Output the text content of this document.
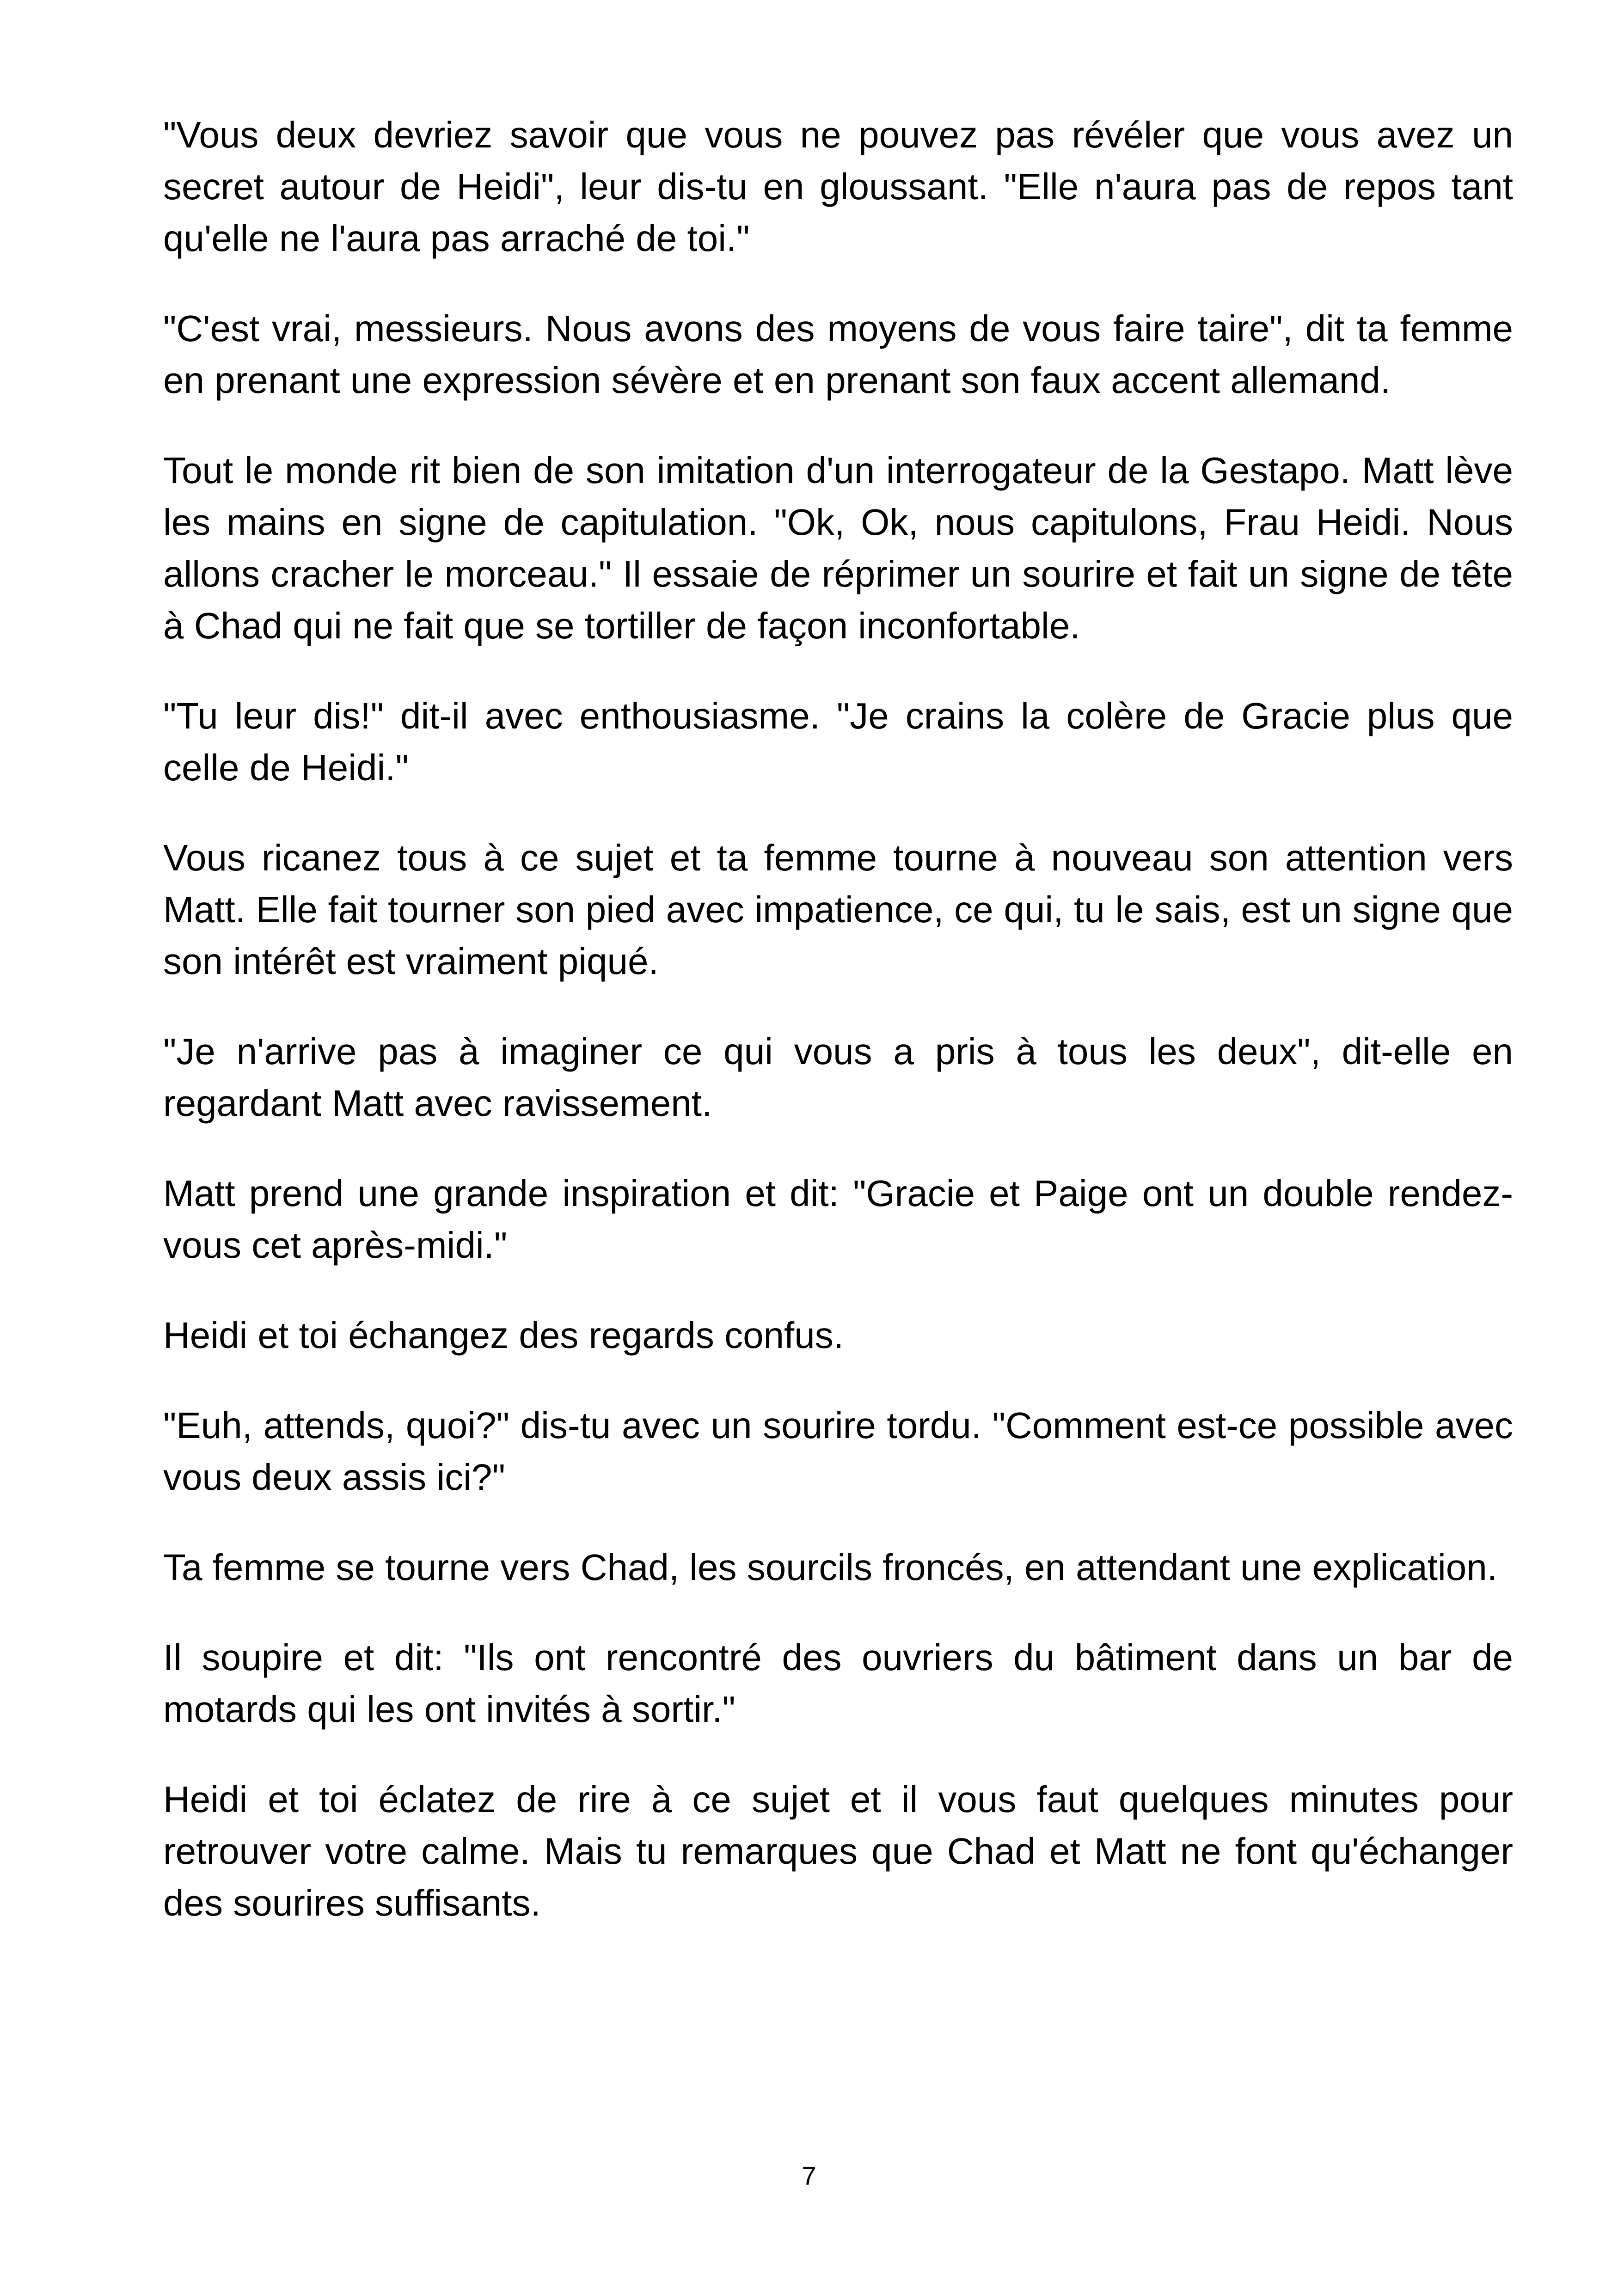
"Vous deux devriez savoir que vous ne pouvez pas révéler que vous avez un secret autour de Heidi", leur dis-tu en gloussant. "Elle n'aura pas de repos tant qu'elle ne l'aura pas arraché de toi."

"C'est vrai, messieurs. Nous avons des moyens de vous faire taire", dit ta femme en prenant une expression sévère et en prenant son faux accent allemand.

Tout le monde rit bien de son imitation d'un interrogateur de la Gestapo. Matt lève les mains en signe de capitulation. "Ok, Ok, nous capitulons, Frau Heidi. Nous allons cracher le morceau." Il essaie de réprimer un sourire et fait un signe de tête à Chad qui ne fait que se tortiller de façon inconfortable.

"Tu leur dis!" dit-il avec enthousiasme. "Je crains la colère de Gracie plus que celle de Heidi."

Vous ricanez tous à ce sujet et ta femme tourne à nouveau son attention vers Matt. Elle fait tourner son pied avec impatience, ce qui, tu le sais, est un signe que son intérêt est vraiment piqué.

"Je n'arrive pas à imaginer ce qui vous a pris à tous les deux", dit-elle en regardant Matt avec ravissement.

Matt prend une grande inspiration et dit: "Gracie et Paige ont un double rendez-vous cet après-midi."

Heidi et toi échangez des regards confus.

"Euh, attends, quoi?" dis-tu avec un sourire tordu. "Comment est-ce possible avec vous deux assis ici?"

Ta femme se tourne vers Chad, les sourcils froncés, en attendant une explication.

Il soupire et dit: "Ils ont rencontré des ouvriers du bâtiment dans un bar de motards qui les ont invités à sortir."

Heidi et toi éclatez de rire à ce sujet et il vous faut quelques minutes pour retrouver votre calme. Mais tu remarques que Chad et Matt ne font qu'échanger des sourires suffisants.

7
